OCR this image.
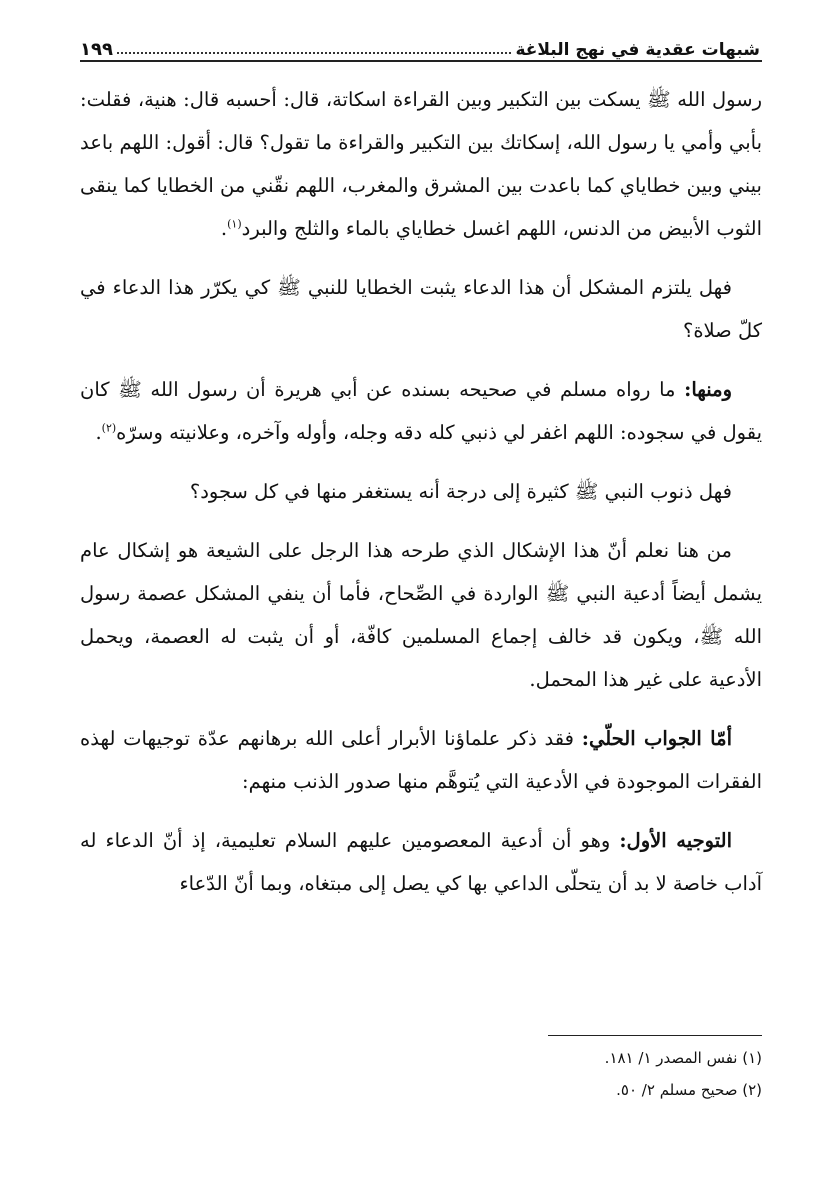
شبهات عقدية في نهج البلاغة
١٩٩

رسول الله ﷺ يسكت بين التكبير وبين القراءة اسكاتة، قال: أحسبه قال: هنية، فقلت: بأبي وأمي يا رسول الله، إسكاتك بين التكبير والقراءة ما تقول؟ قال: أقول: اللهم باعد بيني وبين خطاياي كما باعدت بين المشرق والمغرب، اللهم نقّني من الخطايا كما ينقى الثوب الأبيض من الدنس، اللهم اغسل خطاياي بالماء والثلج والبرد$^{(١)}$.

فهل يلتزم المشكل أن هذا الدعاء يثبت الخطايا للنبي ﷺ كي يكرّر هذا الدعاء في كلّ صلاة؟

ومنها: ما رواه مسلم في صحيحه بسنده عن أبي هريرة أن رسول الله ﷺ كان يقول في سجوده: اللهم اغفر لي ذنبي كله دقه وجله، وأوله وآخره، وعلانيته وسرّه$^{(٢)}$.

فهل ذنوب النبي ﷺ كثيرة إلى درجة أنه يستغفر منها في كل سجود؟

من هنا نعلم أنّ هذا الإشكال الذي طرحه هذا الرجل على الشيعة هو إشكال عام يشمل أيضاً أدعية النبي ﷺ الواردة في الصِّحاح، فأما أن ينفي المشكل عصمة رسول الله ﷺ، ويكون قد خالف إجماع المسلمين كافّة، أو أن يثبت له العصمة، ويحمل الأدعية على غير هذا المحمل.

أمّا الجواب الحلّي: فقد ذكر علماؤنا الأبرار أعلى الله برهانهم عدّة توجيهات لهذه الفقرات الموجودة في الأدعية التي يُتوهَّم منها صدور الذنب منهم:

التوجيه الأول: وهو أن أدعية المعصومين عليهم السلام تعليمية، إذ أنّ الدعاء له آداب خاصة لا بد أن يتحلّى الداعي بها كي يصل إلى مبتغاه، وبما أنّ الدّعاء

(١) نفس المصدر ١/ ١٨١.
(٢) صحيح مسلم ٢/ ٥٠.
